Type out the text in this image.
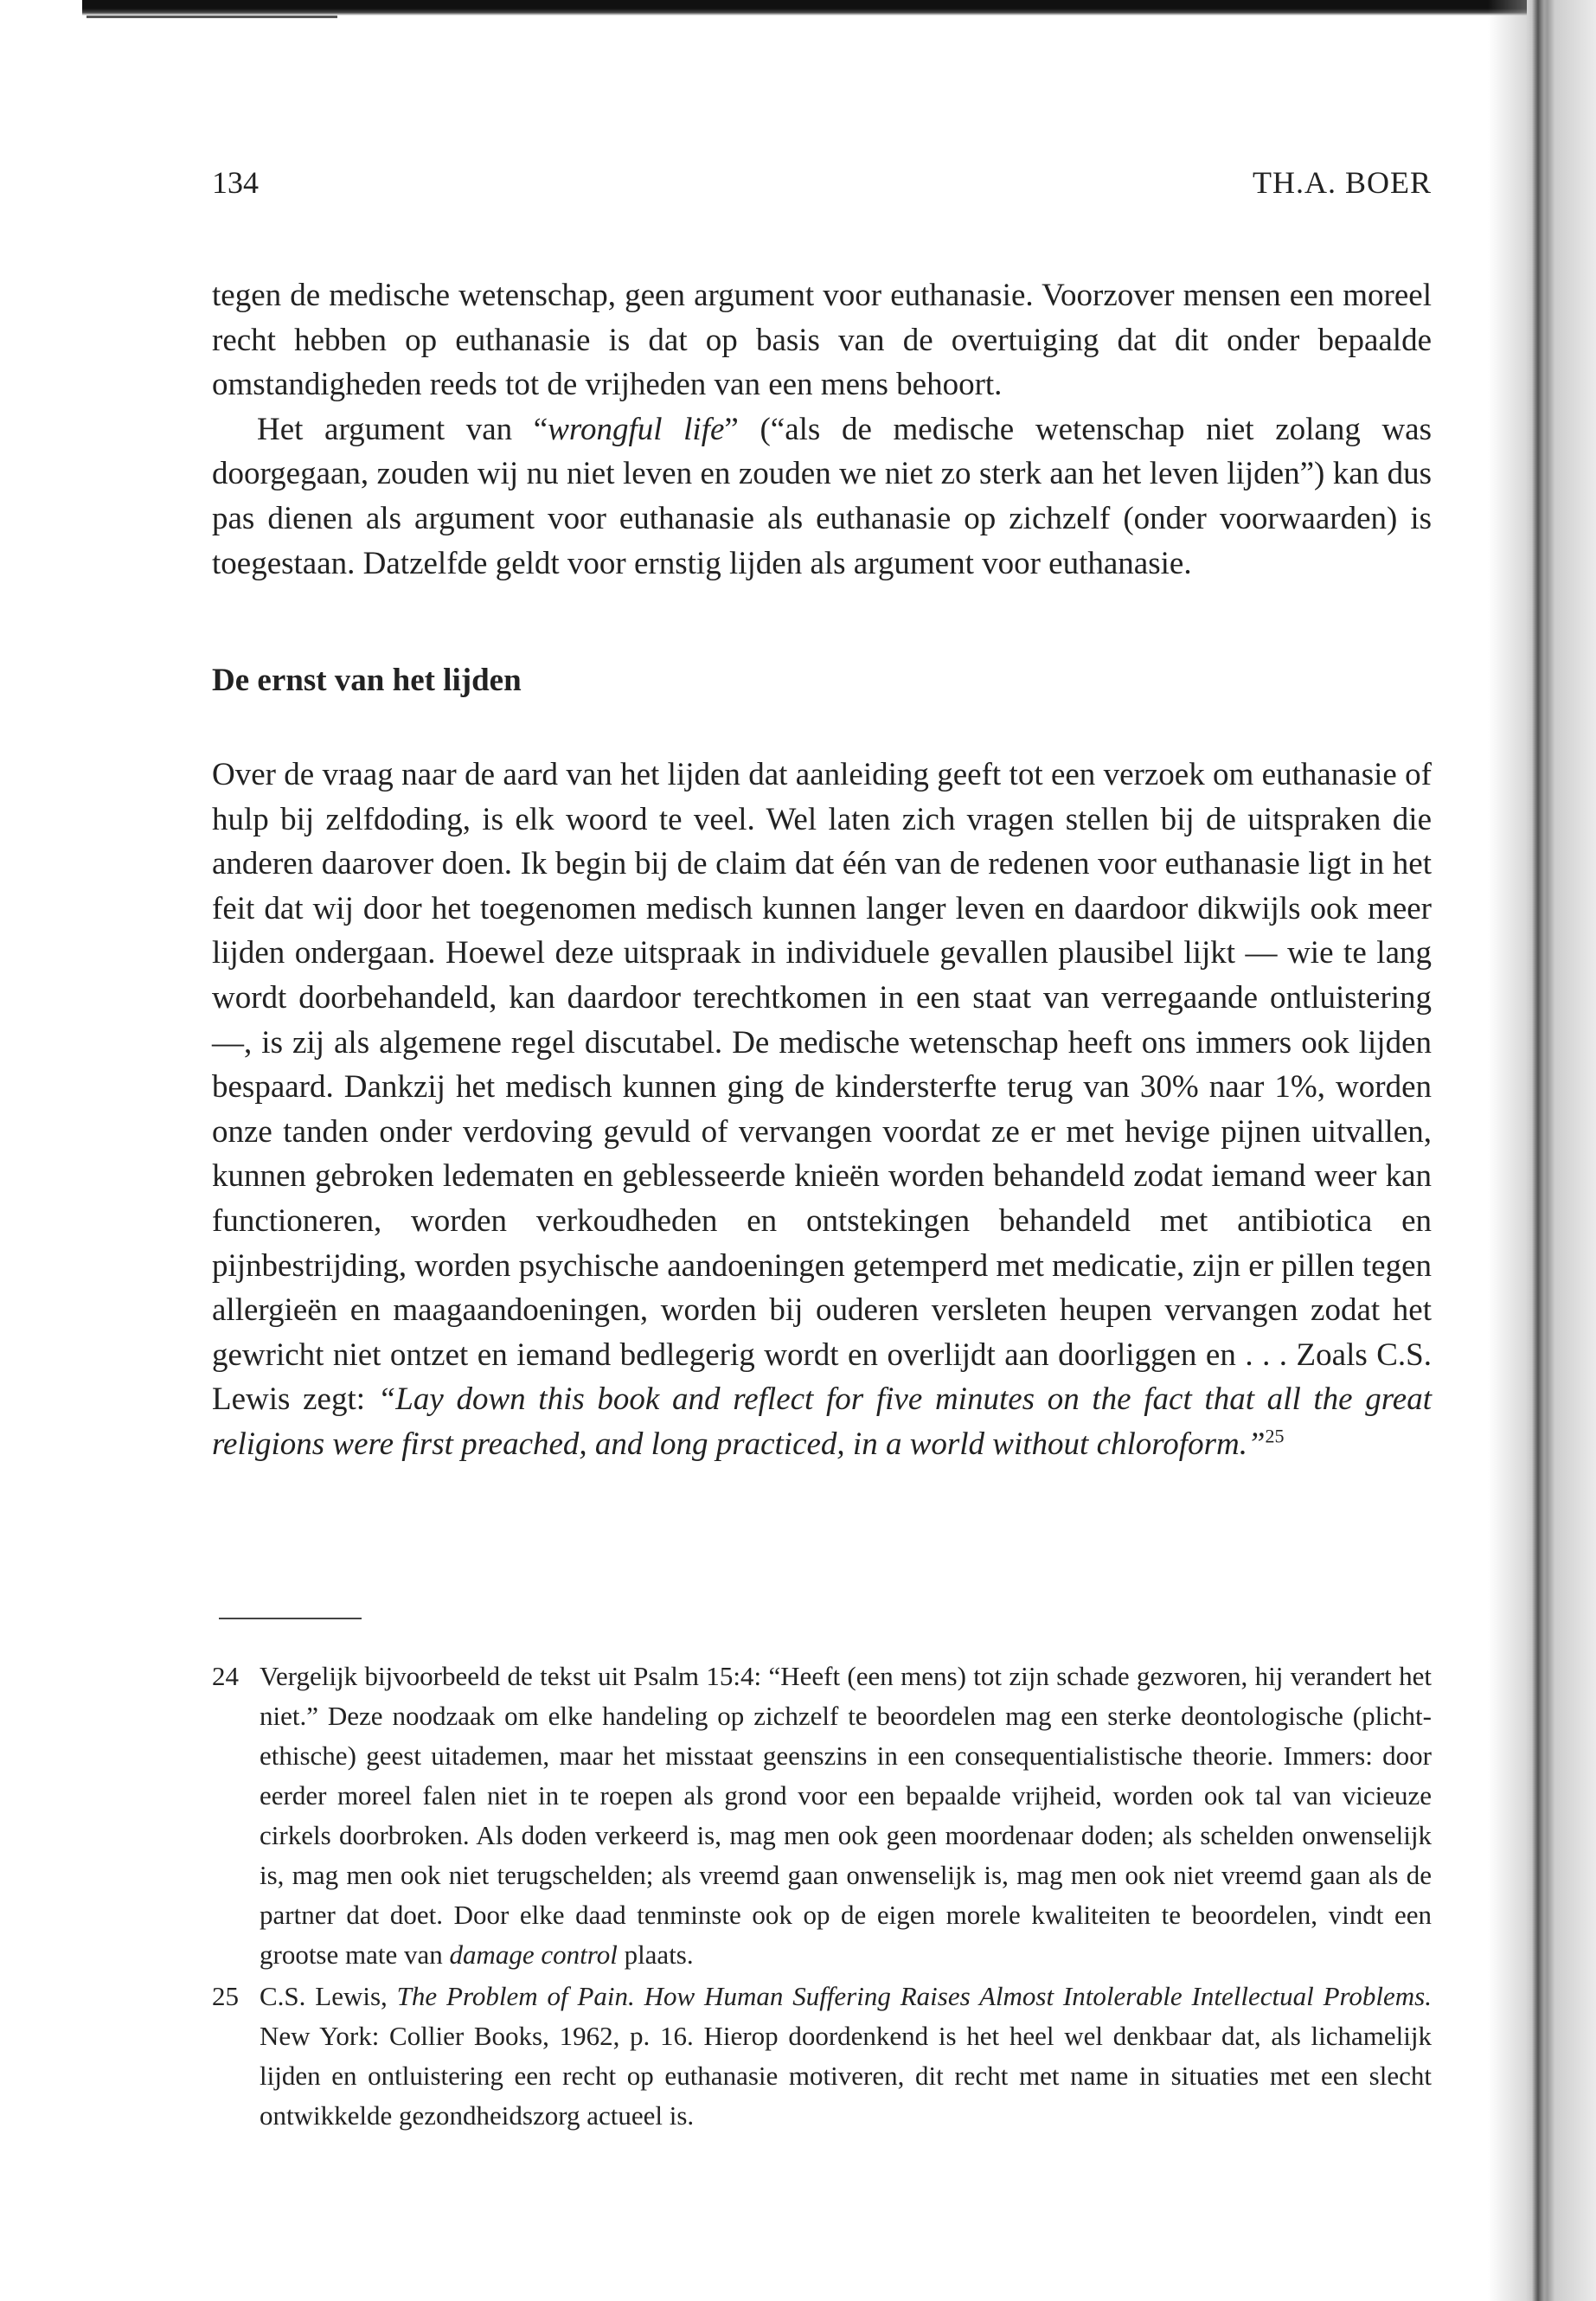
134	TH.A. BOER

tegen de medische wetenschap, geen argument voor euthanasie. Voorzover mensen een moreel recht hebben op euthanasie is dat op basis van de overtuiging dat dit onder bepaalde omstandigheden reeds tot de vrijheden van een mens behoort.

Het argument van “wrongful life” (“als de medische wetenschap niet zolang was doorgegaan, zouden wij nu niet leven en zouden we niet zo sterk aan het leven lijden”) kan dus pas dienen als argument voor euthanasie als euthanasie op zichzelf (onder voorwaarden) is toegestaan. Datzelfde geldt voor ernstig lijden als argument voor euthanasie.

De ernst van het lijden

Over de vraag naar de aard van het lijden dat aanleiding geeft tot een verzoek om euthanasie of hulp bij zelfdoding, is elk woord te veel. Wel laten zich vragen stellen bij de uitspraken die anderen daarover doen. Ik begin bij de claim dat één van de redenen voor euthanasie ligt in het feit dat wij door het toegenomen medisch kunnen langer leven en daardoor dikwijls ook meer lijden ondergaan. Hoewel deze uitspraak in individuele gevallen plausibel lijkt — wie te lang wordt doorbehandeld, kan daardoor terechtkomen in een staat van verregaande ontluistering —, is zij als algemene regel discutabel. De medische wetenschap heeft ons immers ook lijden bespaard. Dankzij het medisch kunnen ging de kindersterfte terug van 30% naar 1%, worden onze tanden onder verdoving gevuld of vervangen voordat ze er met hevige pijnen uitvallen, kunnen gebroken ledematen en geblesseerde knieën worden behandeld zodat iemand weer kan functioneren, worden verkoudheden en ontstekingen behandeld met antibiotica en pijnbestrijding, worden psychische aandoeningen getemperd met medicatie, zijn er pillen tegen allergieën en maagaandoeningen, worden bij ouderen versleten heupen vervangen zodat het gewricht niet ontzet en iemand bedlegerig wordt en overlijdt aan doorliggen en . . . Zoals C.S. Lewis zegt: “Lay down this book and reflect for five minutes on the fact that all the great religions were first preached, and long practiced, in a world without chloroform.”$^{25}$

24 Vergelijk bijvoorbeeld de tekst uit Psalm 15:4: “Heeft (een mens) tot zijn schade gezworen, hij verandert het niet.” Deze noodzaak om elke handeling op zichzelf te beoordelen mag een sterke deontologische (plicht-ethische) geest uitademen, maar het misstaat geenszins in een consequentialistische theorie. Immers: door eerder moreel falen niet in te roepen als grond voor een bepaalde vrijheid, worden ook tal van vicieuze cirkels doorbroken. Als doden verkeerd is, mag men ook geen moordenaar doden; als schelden onwenselijk is, mag men ook niet terugschelden; als vreemd gaan onwenselijk is, mag men ook niet vreemd gaan als de partner dat doet. Door elke daad tenminste ook op de eigen morele kwaliteiten te beoordelen, vindt een grootse mate van damage control plaats.

25 C.S. Lewis, The Problem of Pain. How Human Suffering Raises Almost Intolerable Intellectual Problems. New York: Collier Books, 1962, p. 16. Hierop doordenkend is het heel wel denkbaar dat, als lichamelijk lijden en ontluistering een recht op euthanasie motiveren, dit recht met name in situaties met een slecht ontwikkelde gezondheidszorg actueel is.
